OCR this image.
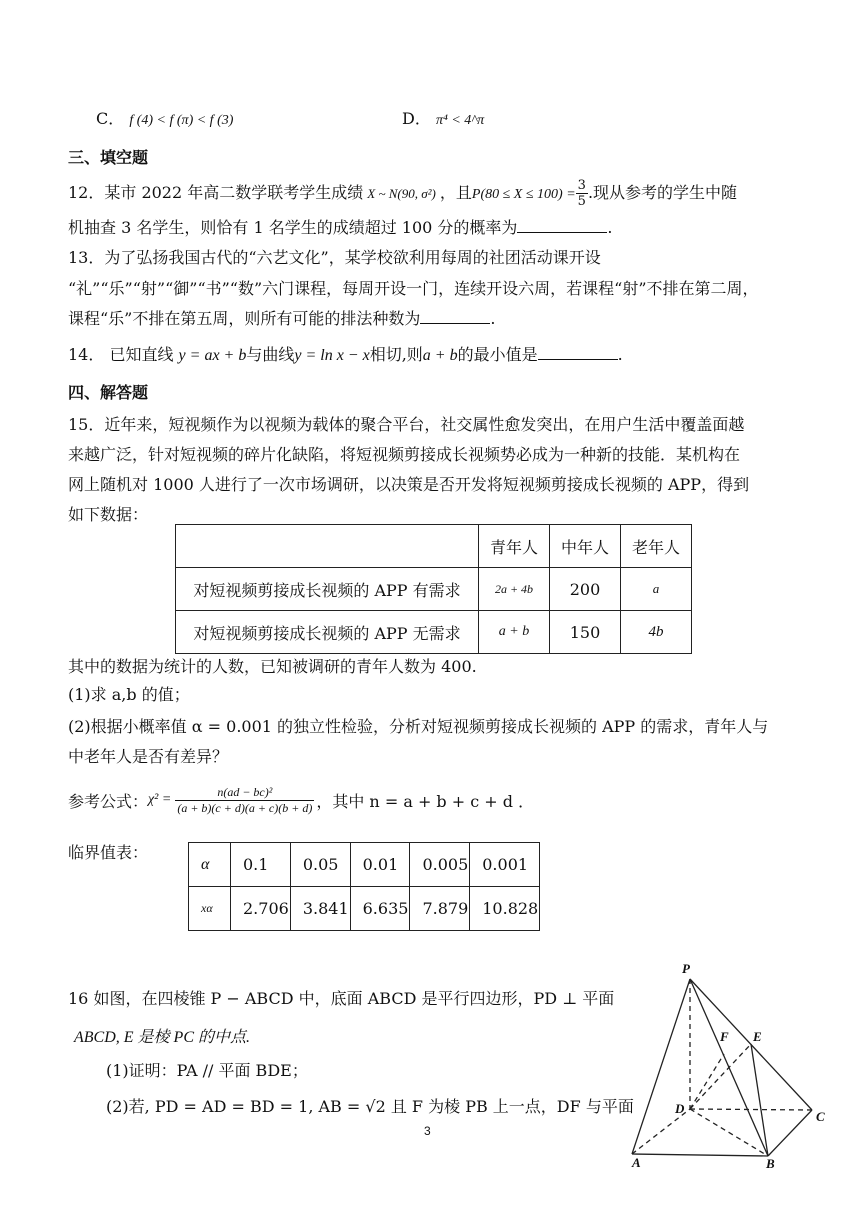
C． f (4) < f (π) < f (3)	D． π⁴ < 4^π
三、填空题
12．某市 2022 年高二数学联考学生成绩 X ~ N(90, σ²) ，且$P(80 \le X \le 100) = \frac{3}{5}$ .现从参考的学生中随
机抽查 3 名学生，则恰有 1 名学生的成绩超过 100 分的概率为	.
13．为了弘扬我国古代的“六艺文化”，某学校欲利用每周的社团活动课开设
“礼”“乐”“射”“御”“书”“数”六门课程，每周开设一门，连续开设六周，若课程“射”不排在第二周，
课程“乐”不排在第五周，则所有可能的排法种数为	.
14． 已知直线 y = ax + b与曲线y = ln x − x相切,则a + b的最小值是	.
四、解答题
15．近年来，短视频作为以视频为载体的聚合平台，社交属性愈发突出，在用户生活中覆盖面越
来越广泛，针对短视频的碎片化缺陷，将短视频剪接成长视频势必成为一种新的技能．某机构在
网上随机对 1000 人进行了一次市场调研，以决策是否开发将短视频剪接成长视频的 APP，得到
如下数据：
	青年人	中年人	老年人
对短视频剪接成长视频的 APP 有需求	2a + 4b	200	a
对短视频剪接成长视频的 APP 无需求	a + b	150	4b
其中的数据为统计的人数，已知被调研的青年人数为 400.
(1)求 a,b 的值；
(2)根据小概率值 α = 0.001 的独立性检验，分析对短视频剪接成长视频的 APP 的需求，青年人与
中老年人是否有差异？
参考公式： $\chi^2 = \frac{\text{n(ad − bc)²}}{(a + b)(c + d)(a + c)(b + d)}$ ，其中 n = a + b + c + d ．
临界值表：
α	0.1	0.05	0.01	0.005	0.001
xα	2.706	3.841	6.635	7.879	10.828
16 如图，在四棱锥 P − ABCD 中，底面 ABCD 是平行四边形，PD ⊥ 平面
ABCD, E 是棱 PC 的中点.
(1)证明：PA // 平面 BDE；
(2)若, PD = AD = BD = 1, AB = √2 且 F 为棱 PB 上一点，DF 与平面
3
P
F E
D
C
A	B
